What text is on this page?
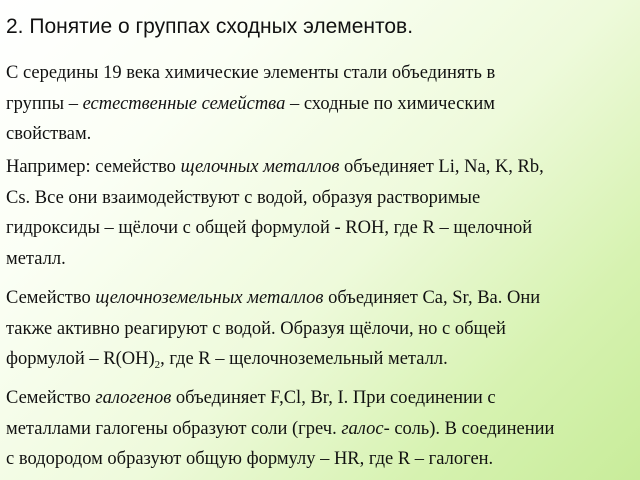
2. Понятие о группах сходных элементов.

С середины 19 века химические элементы стали объединять в
группы – естественные семейства – сходные по химическим
свойствам.

Например: семейство щелочных металлов объединяет Li, Na, K, Rb,
Cs. Все они взаимодействуют с водой, образуя растворимые
гидроксиды – щёлочи с общей формулой - ROH, где R – щелочной
металл.

Семейство щелочноземельных металлов объединяет Ca, Sr, Ba. Они
также активно реагируют с водой. Образуя щёлочи, но с общей
формулой – $R(OH)_2$, где R – щелочноземельный металл.

Семейство галогенов объединяет F,Cl, Br, I. При соединении с
металлами галогены образуют соли (греч. галос- соль). В соединении
с водородом образуют общую формулу – HR, где R – галоген.
